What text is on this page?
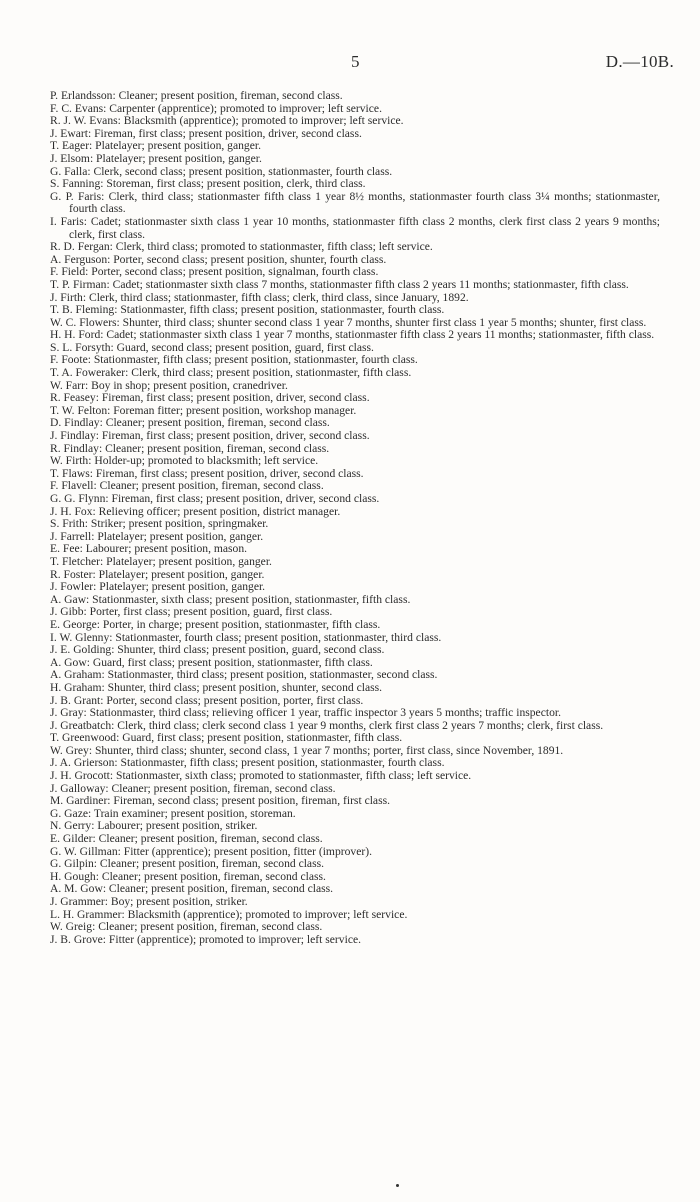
5	D.—10B.

P. Erlandsson: Cleaner; present position, fireman, second class.

F. C. Evans: Carpenter (apprentice); promoted to improver; left service.

R. J. W. Evans: Blacksmith (apprentice); promoted to improver; left service.

J. Ewart: Fireman, first class; present position, driver, second class.

T. Eager: Platelayer; present position, ganger.

J. Elsom: Platelayer; present position, ganger.

G. Falla: Clerk, second class; present position, stationmaster, fourth class.

S. Fanning: Storeman, first class; present position, clerk, third class.

G. P. Faris: Clerk, third class; stationmaster fifth class 1 year 8½ months, stationmaster fourth class 3¼ months; stationmaster, fourth class.

I. Faris: Cadet; stationmaster sixth class 1 year 10 months, stationmaster fifth class 2 months, clerk first class 2 years 9 months; clerk, first class.

R. D. Fergan: Clerk, third class; promoted to stationmaster, fifth class; left service.

A. Ferguson: Porter, second class; present position, shunter, fourth class.

F. Field: Porter, second class; present position, signalman, fourth class.

T. P. Firman: Cadet; stationmaster sixth class 7 months, stationmaster fifth class 2 years 11 months; stationmaster, fifth class.

J. Firth: Clerk, third class; stationmaster, fifth class; clerk, third class, since January, 1892.

T. B. Fleming: Stationmaster, fifth class; present position, stationmaster, fourth class.

W. C. Flowers: Shunter, third class; shunter second class 1 year 7 months, shunter first class 1 year 5 months; shunter, first class.

H. H. Ford: Cadet; stationmaster sixth class 1 year 7 months, stationmaster fifth class 2 years 11 months; stationmaster, fifth class.

S. L. Forsyth: Guard, second class; present position, guard, first class.

F. Foote: Stationmaster, fifth class; present position, stationmaster, fourth class.

T. A. Foweraker: Clerk, third class; present position, stationmaster, fifth class.

W. Farr: Boy in shop; present position, cranedriver.

R. Feasey: Fireman, first class; present position, driver, second class.

T. W. Felton: Foreman fitter; present position, workshop manager.

D. Findlay: Cleaner; present position, fireman, second class.

J. Findlay: Fireman, first class; present position, driver, second class.

R. Findlay: Cleaner; present position, fireman, second class.

W. Firth: Holder-up; promoted to blacksmith; left service.

T. Flaws: Fireman, first class; present position, driver, second class.

F. Flavell: Cleaner; present position, fireman, second class.

G. G. Flynn: Fireman, first class; present position, driver, second class.

J. H. Fox: Relieving officer; present position, district manager.

S. Frith: Striker; present position, springmaker.

J. Farrell: Platelayer; present position, ganger.

E. Fee: Labourer; present position, mason.

T. Fletcher: Platelayer; present position, ganger.

R. Foster: Platelayer; present position, ganger.

J. Fowler: Platelayer; present position, ganger.

A. Gaw: Stationmaster, sixth class; present position, stationmaster, fifth class.

J. Gibb: Porter, first class; present position, guard, first class.

E. George: Porter, in charge; present position, stationmaster, fifth class.

I. W. Glenny: Stationmaster, fourth class; present position, stationmaster, third class.

J. E. Golding: Shunter, third class; present position, guard, second class.

A. Gow: Guard, first class; present position, stationmaster, fifth class.

A. Graham: Stationmaster, third class; present position, stationmaster, second class.

H. Graham: Shunter, third class; present position, shunter, second class.

J. B. Grant: Porter, second class; present position, porter, first class.

J. Gray: Stationmaster, third class; relieving officer 1 year, traffic inspector 3 years 5 months; traffic inspector.

J. Greatbatch: Clerk, third class; clerk second class 1 year 9 months, clerk first class 2 years 7 months; clerk, first class.

T. Greenwood: Guard, first class; present position, stationmaster, fifth class.

W. Grey: Shunter, third class; shunter, second class, 1 year 7 months; porter, first class, since November, 1891.

J. A. Grierson: Stationmaster, fifth class; present position, stationmaster, fourth class.

J. H. Grocott: Stationmaster, sixth class; promoted to stationmaster, fifth class; left service.

J. Galloway: Cleaner; present position, fireman, second class.

M. Gardiner: Fireman, second class; present position, fireman, first class.

G. Gaze: Train examiner; present position, storeman.

N. Gerry: Labourer; present position, striker.

E. Gilder: Cleaner; present position, fireman, second class.

G. W. Gillman: Fitter (apprentice); present position, fitter (improver).

G. Gilpin: Cleaner; present position, fireman, second class.

H. Gough: Cleaner; present position, fireman, second class.

A. M. Gow: Cleaner; present position, fireman, second class.

J. Grammer: Boy; present position, striker.

L. H. Grammer: Blacksmith (apprentice); promoted to improver; left service.

W. Greig: Cleaner; present position, fireman, second class.

J. B. Grove: Fitter (apprentice); promoted to improver; left service.
